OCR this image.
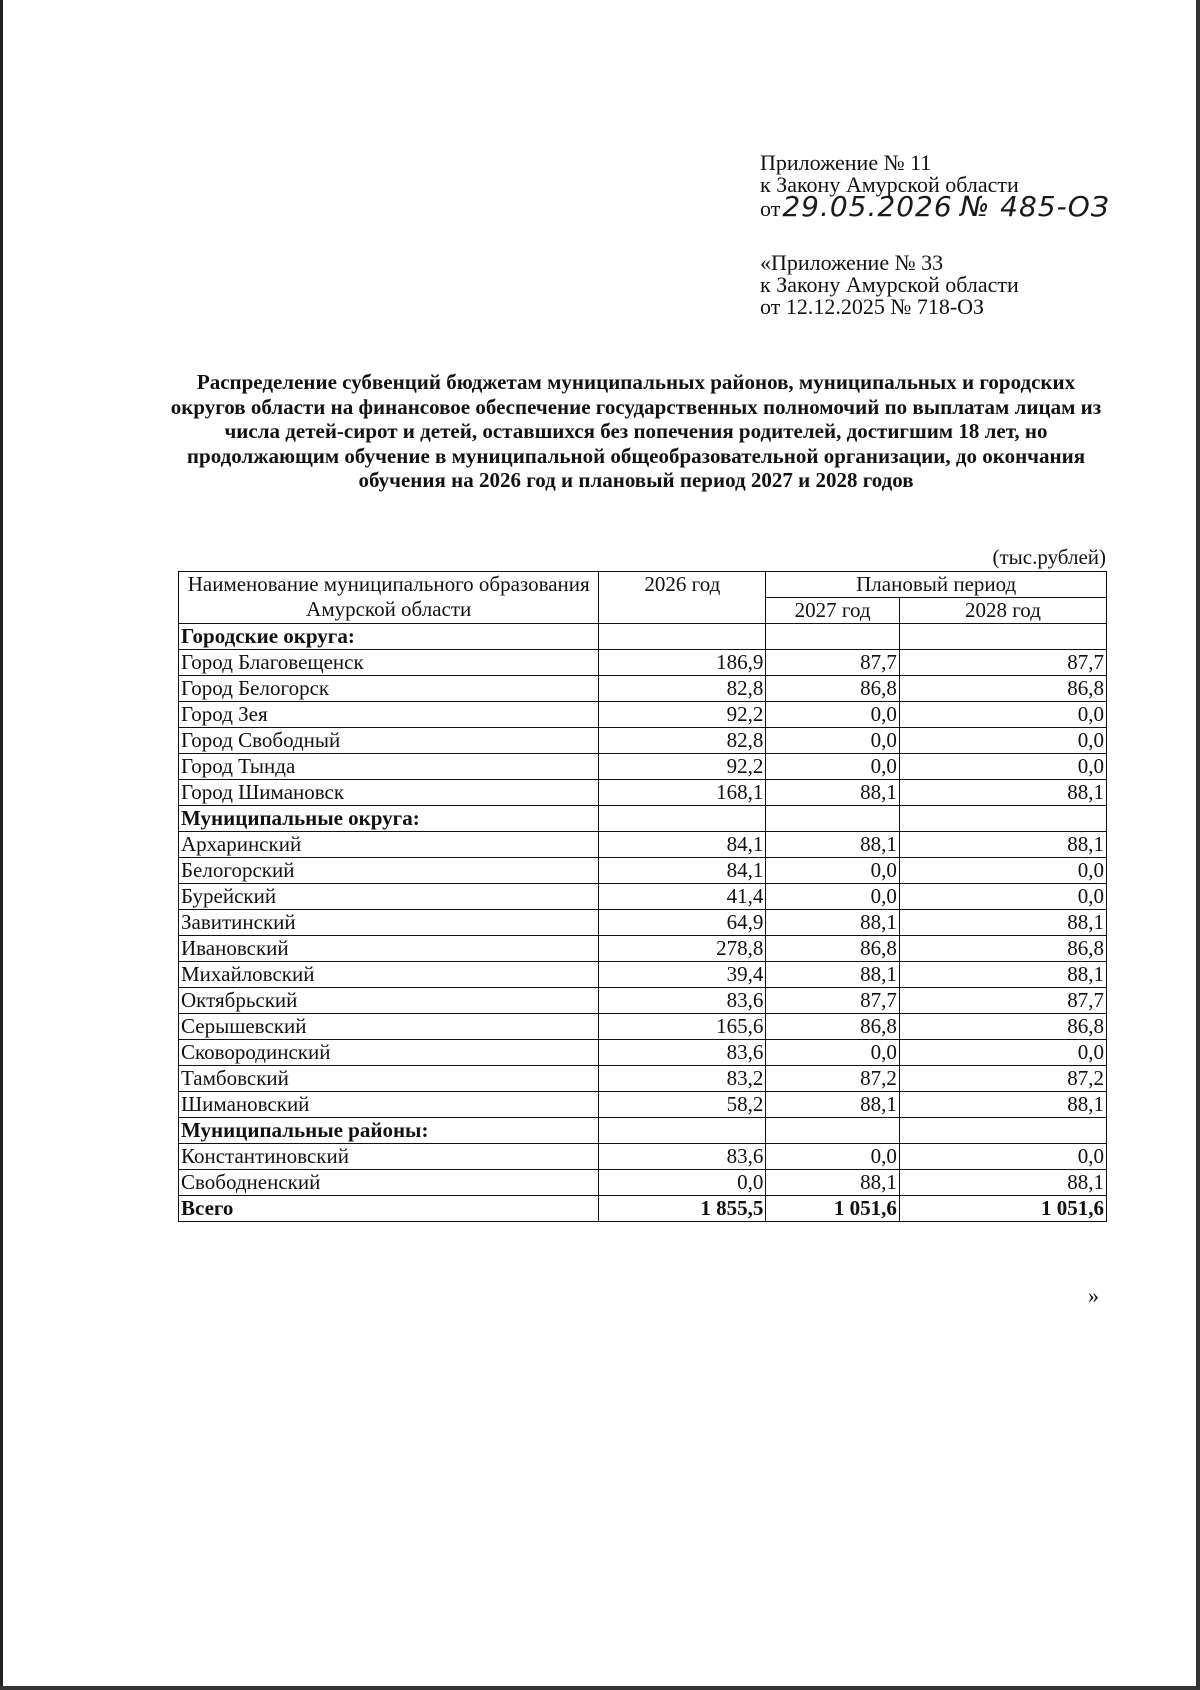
Приложение № 11
к Закону Амурской области
от29.05.2026 № 485-ОЗ
«Приложение № 33
к Закону Амурской области
от 12.12.2025 № 718-ОЗ
Распределение субвенций бюджетам муниципальных районов, муниципальных и городских округов области на финансовое обеспечение государственных полномочий по выплатам лицам из числа детей-сирот и детей, оставшихся без попечения родителей, достигшим 18 лет, но продолжающим обучение в муниципальной общеобразовательной организации, до окончания обучения на 2026 год и плановый период 2027 и 2028 годов
(тыс.рублей)
Наименование муниципального образования Амурской области	2026 год	Плановый период	
		2027 год	2028 год
Городские округа:			
Город Благовещенск	186,9	87,7	87,7
Город Белогорск	82,8	86,8	86,8
Город Зея	92,2	0,0	0,0
Город Свободный	82,8	0,0	0,0
Город Тында	92,2	0,0	0,0
Город Шимановск	168,1	88,1	88,1
Муниципальные округа:			
Архаринский	84,1	88,1	88,1
Белогорский	84,1	0,0	0,0
Бурейский	41,4	0,0	0,0
Завитинский	64,9	88,1	88,1
Ивановский	278,8	86,8	86,8
Михайловский	39,4	88,1	88,1
Октябрьский	83,6	87,7	87,7
Серышевский	165,6	86,8	86,8
Сковородинский	83,6	0,0	0,0
Тамбовский	83,2	87,2	87,2
Шимановский	58,2	88,1	88,1
Муниципальные районы:			
Константиновский	83,6	0,0	0,0
Свободненский	0,0	88,1	88,1
Всего	1 855,5	1 051,6	1 051,6
»
